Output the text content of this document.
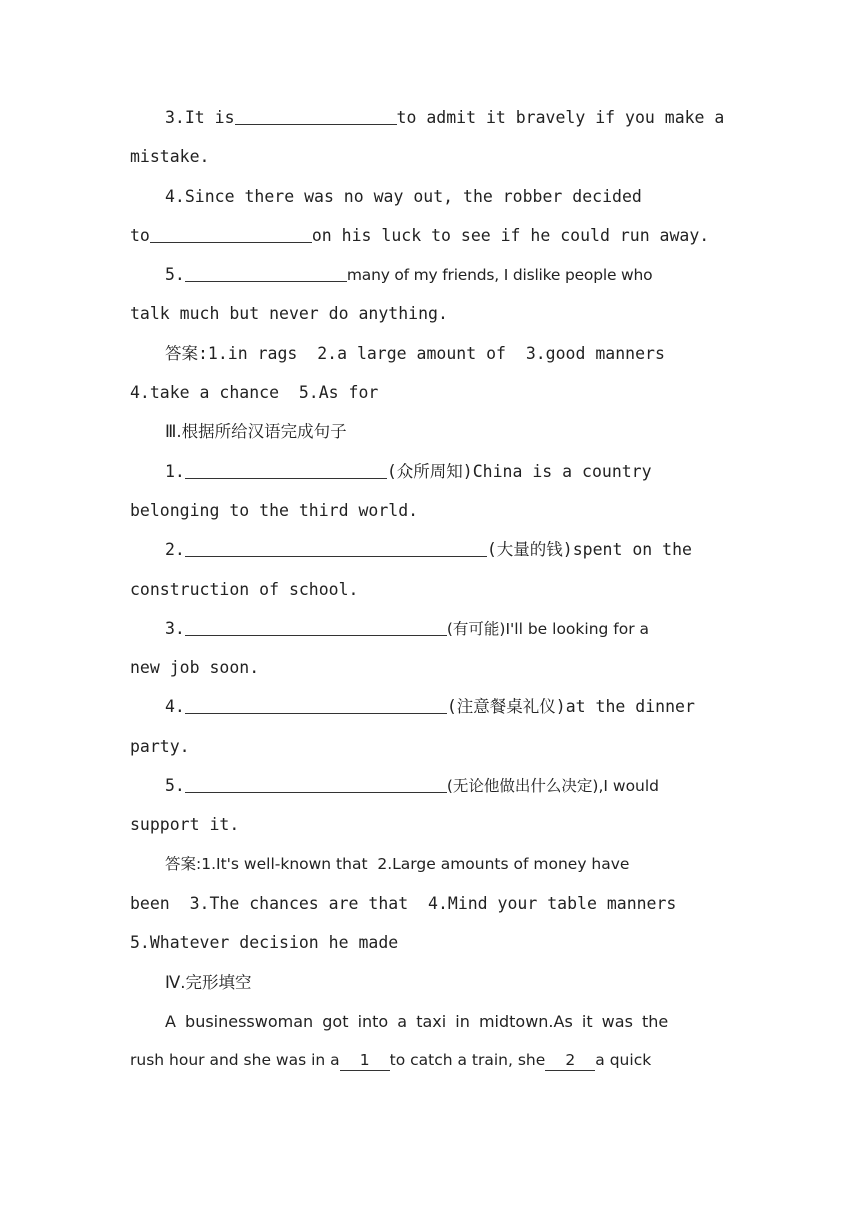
3.It is	to admit it bravely if you make a
mistake.
4.Since there was no way out, the robber decided
to	on his luck to see if he could run away.
5.	many of my friends, I dislike people who
talk much but never do anything.
答案:1.in rags  2.a large amount of  3.good manners
4.take a chance  5.As for
Ⅲ.根据所给汉语完成句子
1.	(众所周知)China is a country
belonging to the third world.
2.	(大量的钱)spent on the
construction of school.
3.	(有可能)I'll be looking for a
new job soon.
4.	(注意餐桌礼仪)at the dinner
party.
5.	(无论他做出什么决定),I would
support it.
答案:1.It's well-known that  2.Large amounts of money have
been  3.The chances are that  4.Mind your table manners
5.Whatever decision he made
Ⅳ.完形填空
A businesswoman got into a taxi in midtown.As it was the
rush hour and she was in a 1 to catch a train, she 2 a quick
